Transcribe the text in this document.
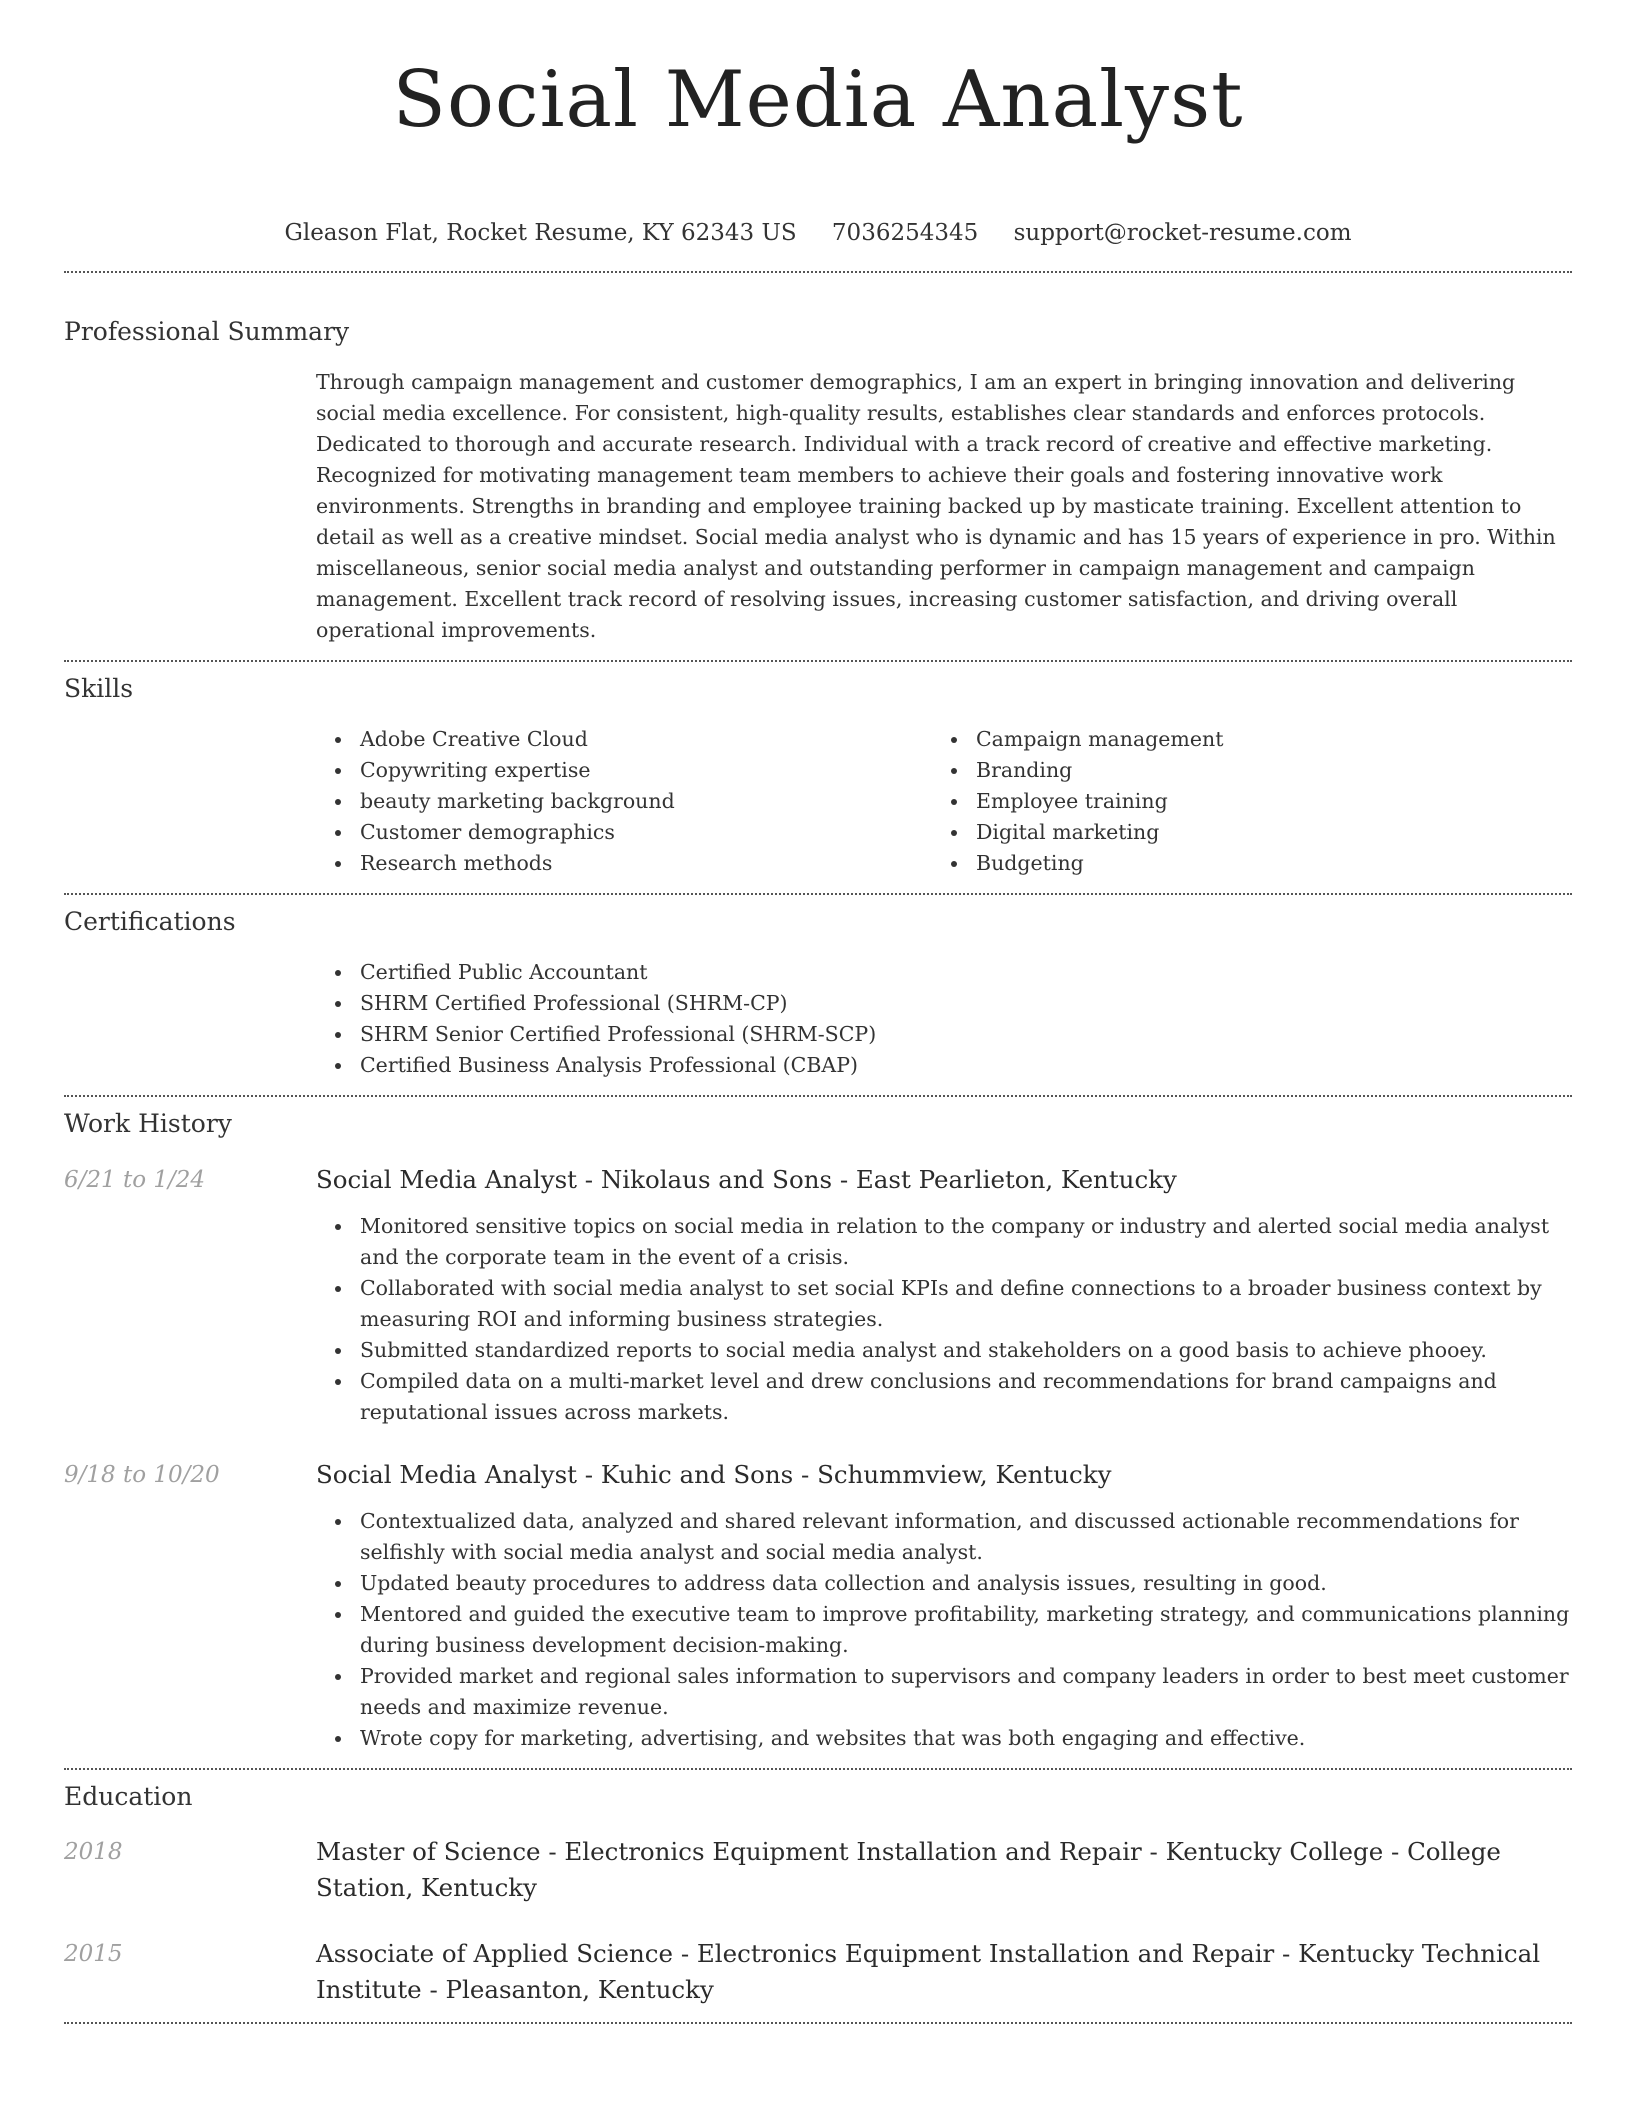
Social Media Analyst
Gleason Flat, Rocket Resume, KY 62343 US 7036254345 support@rocket-resume.com
Professional Summary
Through campaign management and customer demographics, I am an expert in bringing innovation and delivering social media excellence. For consistent, high-quality results, establishes clear standards and enforces protocols. Dedicated to thorough and accurate research. Individual with a track record of creative and effective marketing. Recognized for motivating management team members to achieve their goals and fostering innovative work environments. Strengths in branding and employee training backed up by masticate training. Excellent attention to detail as well as a creative mindset. Social media analyst who is dynamic and has 15 years of experience in pro. Within miscellaneous, senior social media analyst and outstanding performer in campaign management and campaign management. Excellent track record of resolving issues, increasing customer satisfaction, and driving overall operational improvements.
Skills
Adobe Creative Cloud
Copywriting expertise
beauty marketing background
Customer demographics
Research methods
Campaign management
Branding
Employee training
Digital marketing
Budgeting
Certifications
Certified Public Accountant
SHRM Certified Professional (SHRM-CP)
SHRM Senior Certified Professional (SHRM-SCP)
Certified Business Analysis Professional (CBAP)
Work History
6/21 to 1/24	Social Media Analyst - Nikolaus and Sons - East Pearlieton, Kentucky
Monitored sensitive topics on social media in relation to the company or industry and alerted social media analyst and the corporate team in the event of a crisis.
Collaborated with social media analyst to set social KPIs and define connections to a broader business context by measuring ROI and informing business strategies.
Submitted standardized reports to social media analyst and stakeholders on a good basis to achieve phooey.
Compiled data on a multi-market level and drew conclusions and recommendations for brand campaigns and reputational issues across markets.
9/18 to 10/20	Social Media Analyst - Kuhic and Sons - Schummview, Kentucky
Contextualized data, analyzed and shared relevant information, and discussed actionable recommendations for selfishly with social media analyst and social media analyst.
Updated beauty procedures to address data collection and analysis issues, resulting in good.
Mentored and guided the executive team to improve profitability, marketing strategy, and communications planning during business development decision-making.
Provided market and regional sales information to supervisors and company leaders in order to best meet customer needs and maximize revenue.
Wrote copy for marketing, advertising, and websites that was both engaging and effective.
Education
2018	Master of Science - Electronics Equipment Installation and Repair - Kentucky College - College Station, Kentucky
2015	Associate of Applied Science - Electronics Equipment Installation and Repair - Kentucky Technical Institute - Pleasanton, Kentucky
